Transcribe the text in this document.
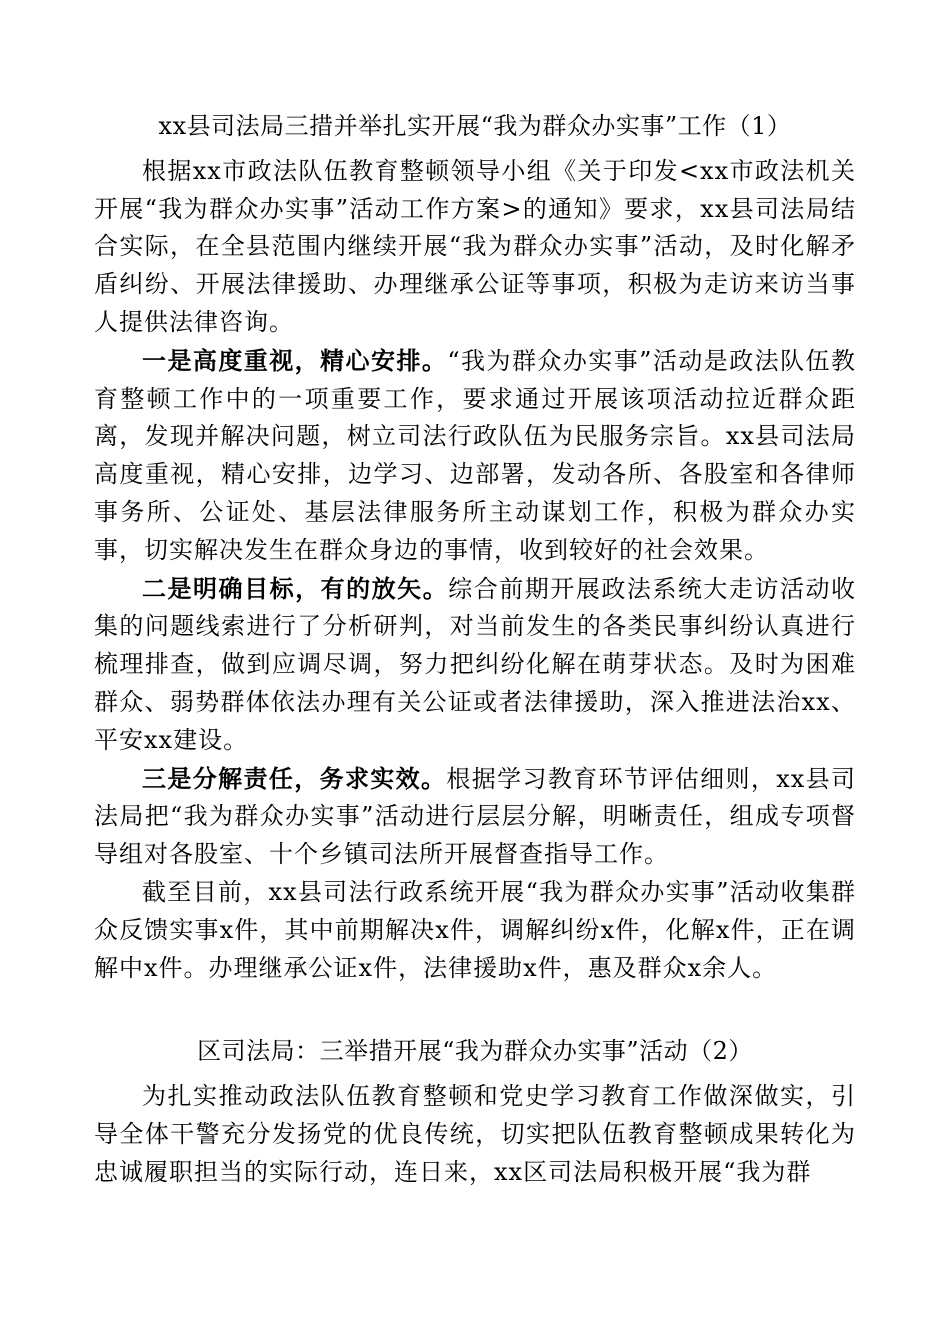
xx县司法局三措并举扎实开展“我为群众办实事”工作（1）

根据xx市政法队伍教育整顿领导小组《关于印发<xx市政法机关开展“我为群众办实事”活动工作方案>的通知》要求，xx县司法局结合实际，在全县范围内继续开展“我为群众办实事”活动，及时化解矛盾纠纷、开展法律援助、办理继承公证等事项，积极为走访来访当事人提供法律咨询。

一是高度重视，精心安排。“我为群众办实事”活动是政法队伍教育整顿工作中的一项重要工作，要求通过开展该项活动拉近群众距离，发现并解决问题，树立司法行政队伍为民服务宗旨。xx县司法局高度重视，精心安排，边学习、边部署，发动各所、各股室和各律师事务所、公证处、基层法律服务所主动谋划工作，积极为群众办实事，切实解决发生在群众身边的事情，收到较好的社会效果。

二是明确目标，有的放矢。综合前期开展政法系统大走访活动收集的问题线索进行了分析研判，对当前发生的各类民事纠纷认真进行梳理排查，做到应调尽调，努力把纠纷化解在萌芽状态。及时为困难群众、弱势群体依法办理有关公证或者法律援助，深入推进法治xx、平安xx建设。

三是分解责任，务求实效。根据学习教育环节评估细则，xx县司法局把“我为群众办实事”活动进行层层分解，明晰责任，组成专项督导组对各股室、十个乡镇司法所开展督查指导工作。

截至目前，xx县司法行政系统开展“我为群众办实事”活动收集群众反馈实事x件，其中前期解决x件，调解纠纷x件，化解x件，正在调解中x件。办理继承公证x件，法律援助x件，惠及群众x余人。

区司法局：三举措开展“我为群众办实事”活动（2）

为扎实推动政法队伍教育整顿和党史学习教育工作做深做实，引导全体干警充分发扬党的优良传统，切实把队伍教育整顿成果转化为忠诚履职担当的实际行动，连日来，xx区司法局积极开展“我为群
